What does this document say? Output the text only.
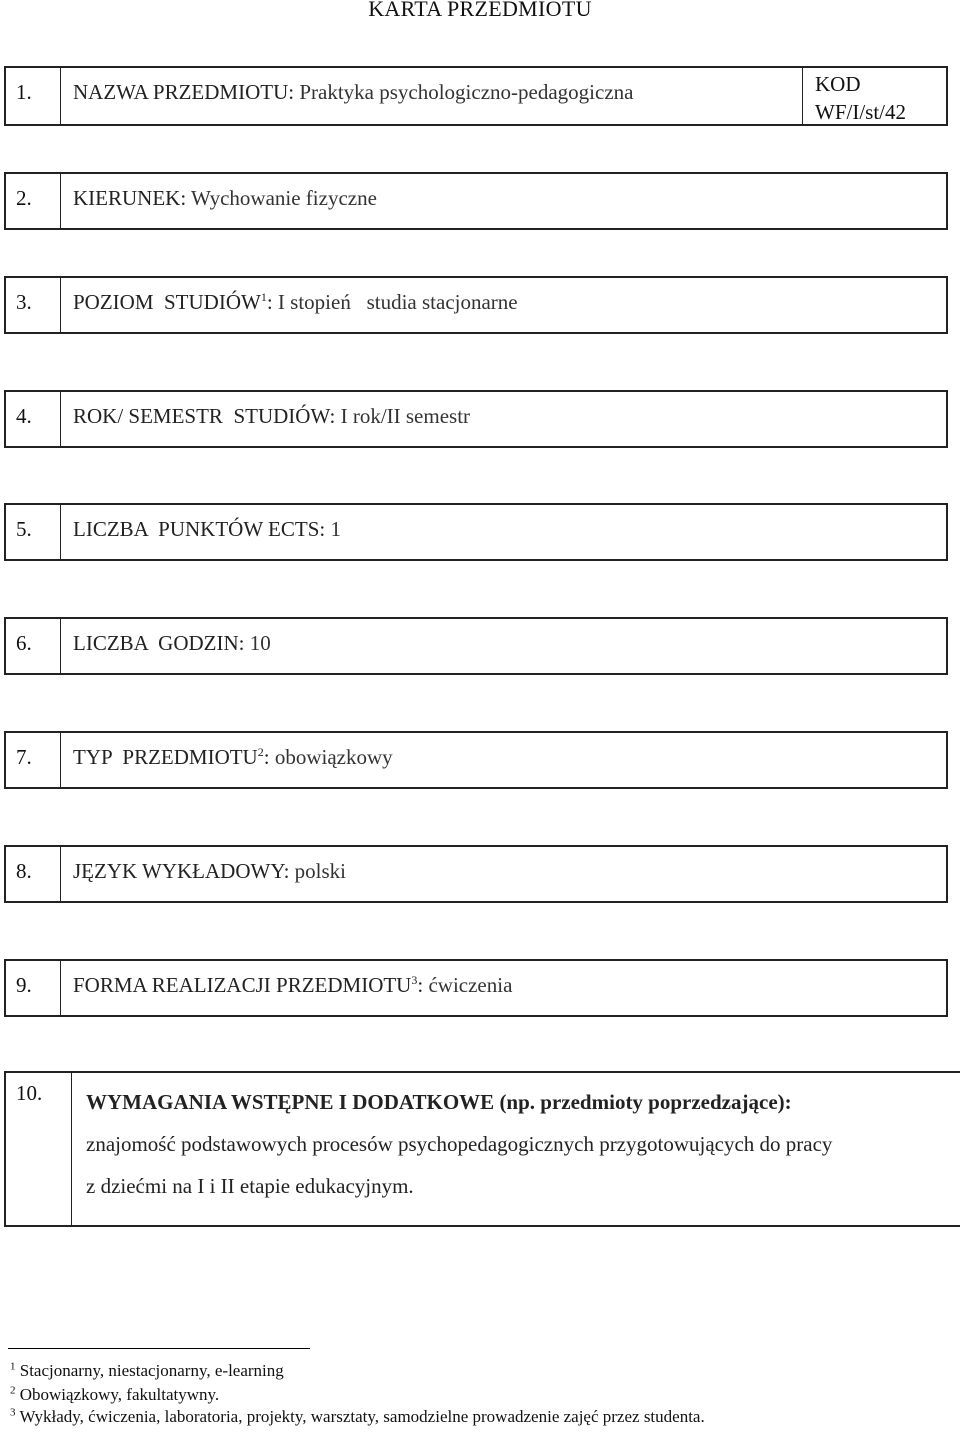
KARTA PRZEDMIOTU
1.	NAZWA PRZEDMIOTU: Praktyka psychologiczno-pedagogiczna	KOD
WF/I/st/42
2.	KIERUNEK: Wychowanie fizyczne
3.	POZIOM  STUDIÓW$^1$: I stopień   studia stacjonarne
4.	ROK/ SEMESTR  STUDIÓW: I rok/II semestr
5.	LICZBA  PUNKTÓW ECTS: 1
6.	LICZBA  GODZIN: 10
7.	TYP  PRZEDMIOTU$^2$: obowiązkowy
8.	JĘZYK WYKŁADOWY: polski
9.	FORMA REALIZACJI PRZEDMIOTU$^3$: ćwiczenia
10.	WYMAGANIA WSTĘPNE I DODATKOWE (np. przedmioty poprzedzające):
znajomość podstawowych procesów psychopedagogicznych przygotowujących do pracy
z dziećmi na I i II etapie edukacyjnym.
$^1$ Stacjonarny, niestacjonarny, e-learning
$^2$ Obowiązkowy, fakultatywny.
$^3$ Wykłady, ćwiczenia, laboratoria, projekty, warsztaty, samodzielne prowadzenie zajęć przez studenta.
